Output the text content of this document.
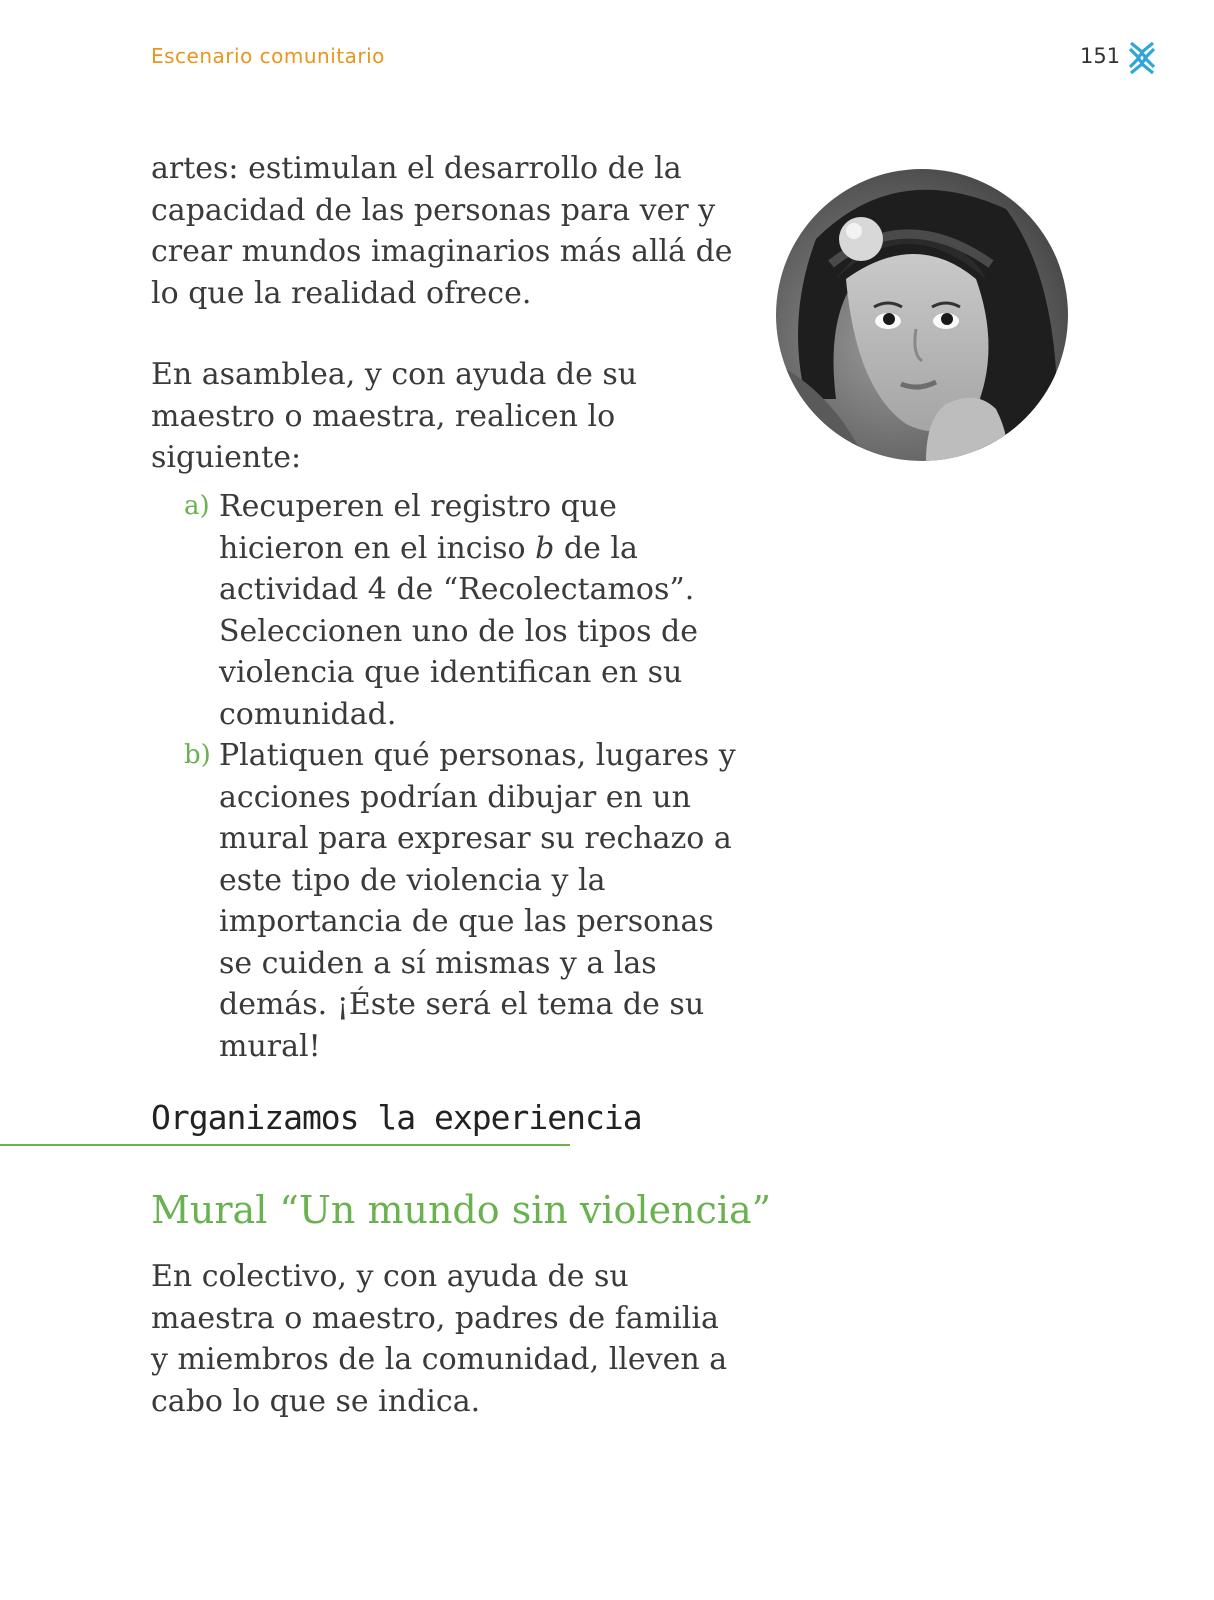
Escenario comunitario	151

artes: estimulan el desarrollo de la capacidad de las personas para ver y crear mundos imaginarios más allá de lo que la realidad ofrece.

En asamblea, y con ayuda de su maestro o maestra, realicen lo siguiente:

a) Recuperen el registro que hicieron en el inciso b de la actividad 4 de “Recolectamos”. Seleccionen uno de los tipos de violencia que identifican en su comunidad.
b) Platiquen qué personas, lugares y acciones podrían dibujar en un mural para expresar su rechazo a este tipo de violencia y la importancia de que las personas se cuiden a sí mismas y a las demás. ¡Éste será el tema de su mural!
Organizamos la experiencia
Mural “Un mundo sin violencia”

En colectivo, y con ayuda de su maestra o maestro, padres de familia y miembros de la comunidad, lleven a cabo lo que se indica.
